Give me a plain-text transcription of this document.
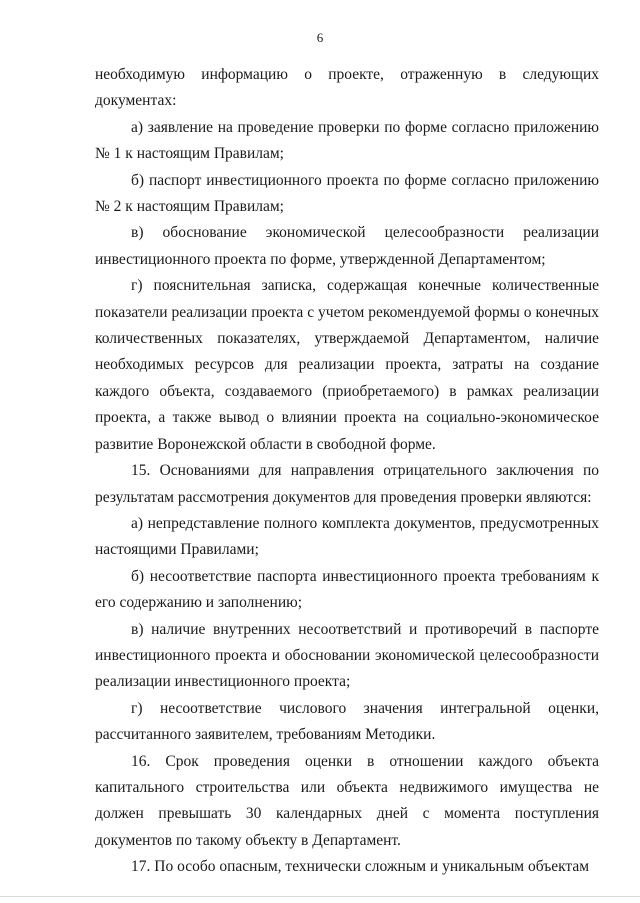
6

необходимую информацию о проекте, отраженную в следующих документах:

а) заявление на проведение проверки по форме согласно приложению № 1 к настоящим Правилам;

б) паспорт инвестиционного проекта по форме согласно приложению № 2 к настоящим Правилам;

в) обоснование экономической целесообразности реализации инвестиционного проекта по форме, утвержденной Департаментом;

г) пояснительная записка, содержащая конечные количественные показатели реализации проекта с учетом рекомендуемой формы о конечных количественных показателях, утверждаемой Департаментом, наличие необходимых ресурсов для реализации проекта, затраты на создание каждого объекта, создаваемого (приобретаемого) в рамках реализации проекта, а также вывод о влиянии проекта на социально-экономическое развитие Воронежской области в свободной форме.

15. Основаниями для направления отрицательного заключения по результатам рассмотрения документов для проведения проверки являются:

а) непредставление полного комплекта документов, предусмотренных настоящими Правилами;

б) несоответствие паспорта инвестиционного проекта требованиям к его содержанию и заполнению;

в) наличие внутренних несоответствий и противоречий в паспорте инвестиционного проекта и обосновании экономической целесообразности реализации инвестиционного проекта;

г) несоответствие числового значения интегральной оценки, рассчитанного заявителем, требованиям Методики.

16. Срок проведения оценки в отношении каждого объекта капитального строительства или объекта недвижимого имущества не должен превышать 30 календарных дней с момента поступления документов по такому объекту в Департамент.

17. По особо опасным, технически сложным и уникальным объектам
